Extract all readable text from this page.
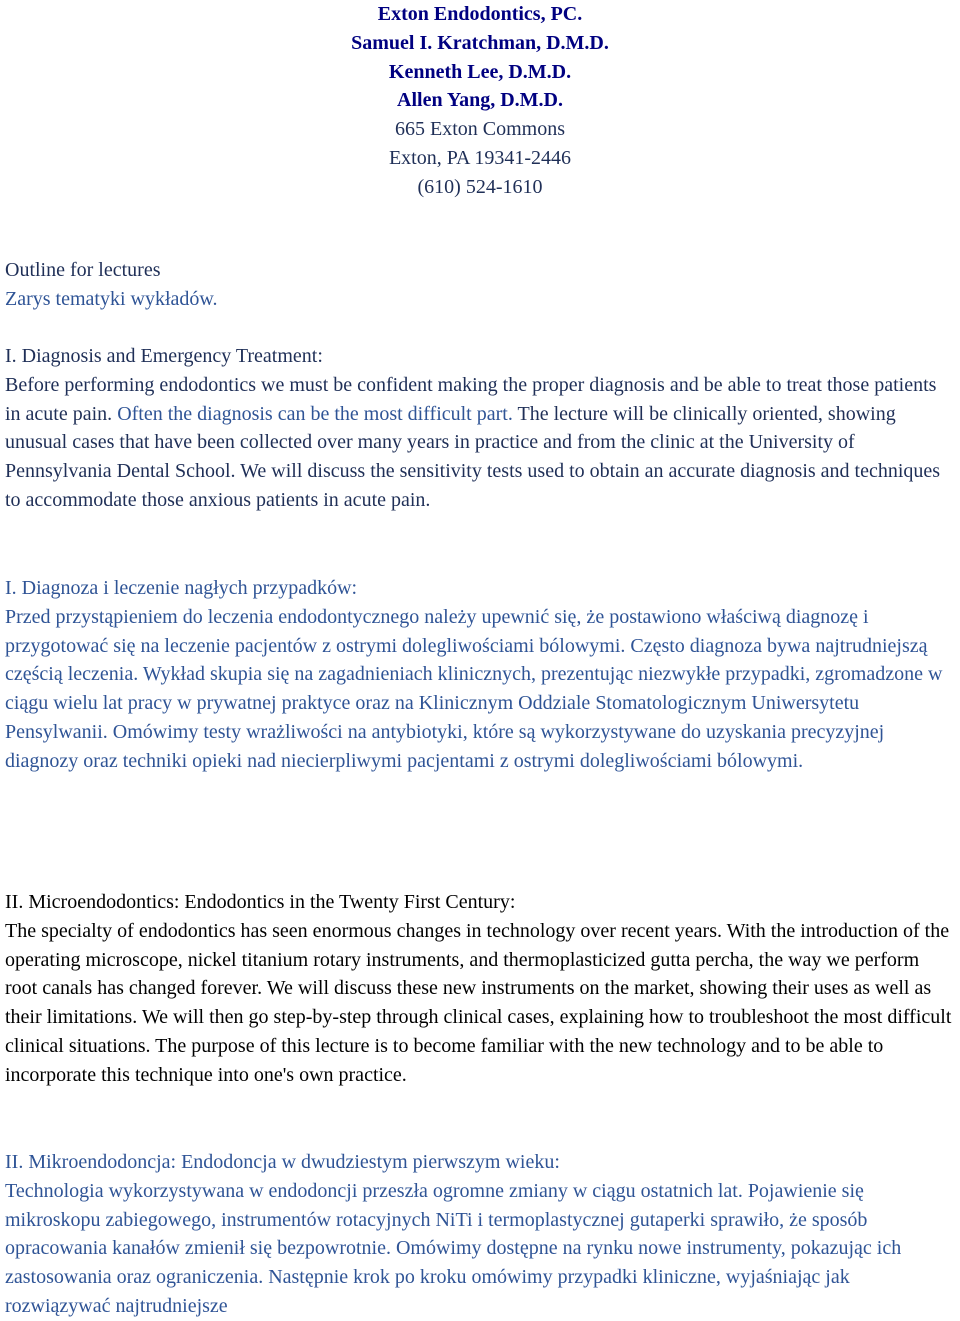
Exton Endodontics, PC.
Samuel I. Kratchman, D.M.D.
Kenneth Lee, D.M.D.
Allen Yang, D.M.D.
665 Exton Commons
Exton, PA 19341-2446
(610) 524-1610
Outline for lectures
Zarys tematyki wykładów.
I. Diagnosis and Emergency Treatment:
Before performing endodontics we must be confident making the proper diagnosis and be able to treat those patients in acute pain. Often the diagnosis can be the most difficult part. The lecture will be clinically oriented, showing unusual cases that have been collected over many years in practice and from the clinic at the University of Pennsylvania Dental School. We will discuss the sensitivity tests used to obtain an accurate diagnosis and techniques to accommodate those anxious patients in acute pain.
I. Diagnoza i leczenie nagłych przypadków:
Przed przystąpieniem do leczenia endodontycznego należy upewnić się, że postawiono właściwą diagnozę i przygotować się na leczenie pacjentów z ostrymi dolegliwościami bólowymi. Często diagnoza bywa najtrudniejszą częścią leczenia. Wykład skupia się na zagadnieniach klinicznych, prezentując niezwykłe przypadki, zgromadzone w ciągu wielu lat pracy w prywatnej praktyce oraz na Klinicznym Oddziale Stomatologicznym Uniwersytetu Pensylwanii. Omówimy testy wrażliwości na antybiotyki, które są wykorzystywane do uzyskania precyzyjnej diagnozy oraz techniki opieki nad niecierpliwymi pacjentami z ostrymi dolegliwościami bólowymi.
II. Microendodontics: Endodontics in the Twenty First Century:
The specialty of endodontics has seen enormous changes in technology over recent years. With the introduction of the operating microscope, nickel titanium rotary instruments, and thermoplasticized gutta percha, the way we perform root canals has changed forever. We will discuss these new instruments on the market, showing their uses as well as their limitations. We will then go step-by-step through clinical cases, explaining how to troubleshoot the most difficult clinical situations. The purpose of this lecture is to become familiar with the new technology and to be able to incorporate this technique into one's own practice.
II. Mikroendodoncja: Endodoncja w dwudziestym pierwszym wieku:
Technologia wykorzystywana w endodoncji przeszła ogromne zmiany w ciągu ostatnich lat. Pojawienie się mikroskopu zabiegowego, instrumentów rotacyjnych NiTi i termoplastycznej gutaperki sprawiło, że sposób opracowania kanałów zmienił się bezpowrotnie. Omówimy dostępne na rynku nowe instrumenty, pokazując ich zastosowania oraz ograniczenia. Następnie krok po kroku omówimy przypadki kliniczne, wyjaśniając jak rozwiązywać najtrudniejsze
